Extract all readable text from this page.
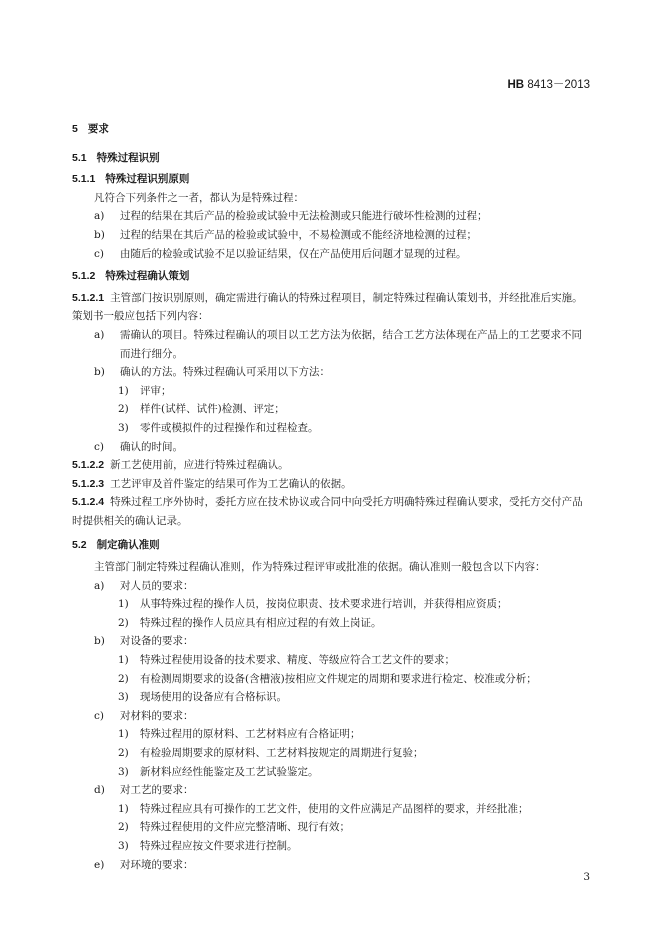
HB 8413－2013
5 要求
5.1 特殊过程识别
5.1.1 特殊过程识别原则

凡符合下列条件之一者，都认为是特殊过程：

a) 过程的结果在其后产品的检验或试验中无法检测或只能进行破坏性检测的过程；

b) 过程的结果在其后产品的检验或试验中，不易检测或不能经济地检测的过程；

c) 由随后的检验或试验不足以验证结果，仅在产品使用后问题才显现的过程。

5.1.2 特殊过程确认策划

5.1.2.1 主管部门按识别原则，确定需进行确认的特殊过程项目，制定特殊过程确认策划书，并经批准后实施。策划书一般应包括下列内容：

a) 需确认的项目。特殊过程确认的项目以工艺方法为依据，结合工艺方法体现在产品上的工艺要求不同而进行细分。

b) 确认的方法。特殊过程确认可采用以下方法：

1) 评审；

2) 样件(试样、试件)检测、评定；

3) 零件或模拟件的过程操作和过程检查。

c) 确认的时间。

5.1.2.2 新工艺使用前，应进行特殊过程确认。

5.1.2.3 工艺评审及首件鉴定的结果可作为工艺确认的依据。

5.1.2.4 特殊过程工序外协时，委托方应在技术协议或合同中向受托方明确特殊过程确认要求，受托方交付产品时提供相关的确认记录。

5.2 制定确认准则

主管部门制定特殊过程确认准则，作为特殊过程评审或批准的依据。确认准则一般包含以下内容：

a) 对人员的要求：

1) 从事特殊过程的操作人员，按岗位职责、技术要求进行培训，并获得相应资质；

2) 特殊过程的操作人员应具有相应过程的有效上岗证。

b) 对设备的要求：

1) 特殊过程使用设备的技术要求、精度、等级应符合工艺文件的要求；

2) 有检测周期要求的设备(含槽液)按相应文件规定的周期和要求进行检定、校准或分析；

3) 现场使用的设备应有合格标识。

c) 对材料的要求：

1) 特殊过程用的原材料、工艺材料应有合格证明；

2) 有检验周期要求的原材料、工艺材料按规定的周期进行复验；

3) 新材料应经性能鉴定及工艺试验鉴定。

d) 对工艺的要求：

1) 特殊过程应具有可操作的工艺文件，使用的文件应满足产品图样的要求，并经批准；

2) 特殊过程使用的文件应完整清晰、现行有效；

3) 特殊过程应按文件要求进行控制。

e) 对环境的要求：

3
